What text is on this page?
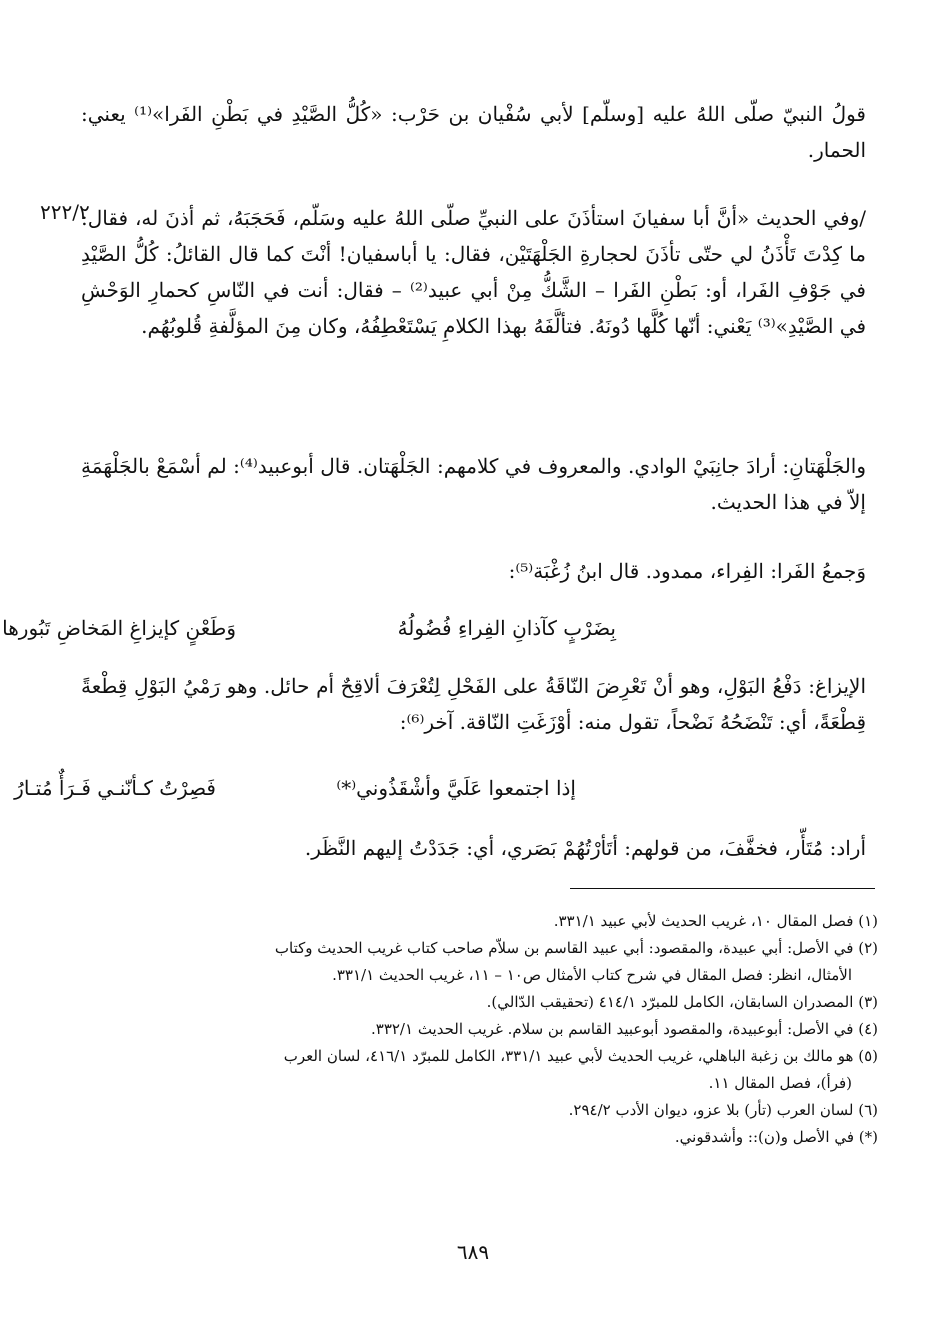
قولُ النبيّ صلّى اللهُ عليه [وسلّم] لأبي سُفْيان بن حَرْب: «كُلُّ الصَّيْدِ في بَطْنِ الفَرا»⁽¹⁾ يعني: الحمار.
٢٢٢/٢
/وفي الحديث «أنَّ أبا سفيانَ استأذَنَ على النبيِّ صلّى اللهُ عليه وسَلّم، فَحَجَبَهُ، ثم أذنَ له، فقال: ما كِدْتَ تَأْذَنُ لي حتّى تأذَنَ لحجارةِ الجَلْهَتَيْن، فقال: يا أباسفيان! أنْتَ كما قال القائلُ: كُلُّ الصَّيْدِ في جَوْفِ الفَرا، أو: بَطْنِ الفَرا – الشَّكُّ مِنْ أبي عبيد⁽²⁾ – فقال: أنت في النّاسِ كحمارِ الوَحْشِ في الصَّيْدِ»⁽³⁾ يَعْني: أنّها كُلَّها دُونَهُ. فتألَّفَهُ بهذا الكلامِ يَسْتَعْطِفُهُ، وكان مِنَ المؤلَّفةِ قُلوبُهُم.
والجَلْهَتانِ: أرادَ جانِبَيْ الوادي. والمعروف في كلامهم: الجَلْهَتان. قال أبوعبيد⁽⁴⁾: لم أسْمَعْ بالجَلْهَمَةِ إلاّ في هذا الحديث.
وَجمعُ الفَرا: الفِراء، ممدود. قال ابنُ زُغْبَة⁽⁵⁾:
بِضَرْبٍ كآذانِ الفِراءِ فُضُولُهُ
وَطَعْنٍ كإيزاغِ المَخاضِ تَبُورها
الإيزاغ: دَفْعُ البَوْلِ، وهو أنْ تَعْرِضَ النّاقَةُ على الفَحْلِ لِتُعْرَفَ ألاقِحٌ أم حائل. وهو رَمْيُ البَوْلِ قِطْعةً قِطْعَةً، أي: تَنْضَحُهُ نَضْحاً، تقول منه: أوْزَغَتِ النّاقة. آخر⁽⁶⁾:
إذا اجتمعوا عَلَيَّ وأشْقَذُوني⁽*⁾
فَصِرْتُ كـأنّنـي فَـرَأٌ مُتـارُ
أراد: مُتَأّر، فخفَّفَ، من قولهم: أتَأرْتُهُمْ بَصَري، أي: جَدَدْتُ إليهم النَّظَر.

(١) فصل المقال ١٠، غريب الحديث لأبي عبيد ٣٣١/١.

(٢) في الأصل: أبي عبيدة، والمقصود: أبي عبيد القاسم بن سلاّم صاحب كتاب غريب الحديث وكتاب
الأمثال، انظر: فصل المقال في شرح كتاب الأمثال ص١٠ – ١١، غريب الحديث ٣٣١/١.

(٣) المصدران السابقان، الكامل للمبرّد ٤١٤/١ (تحقيقب الدّالي).

(٤) في الأصل: أبوعبيدة، والمقصود أبوعبيد القاسم بن سلام. غريب الحديث ٣٣٢/١.

(٥) هو مالك بن زغبة الباهلي، غريب الحديث لأبي عبيد ٣٣١/١، الكامل للمبرّد ٤١٦/١، لسان العرب
(فرأ)، فصل المقال ١١.

(٦) لسان العرب (تأر) بلا عزو، ديوان الأدب ٢٩٤/٢.

(*) في الأصل و(ن):: وأشدقوني.

٦٨٩
